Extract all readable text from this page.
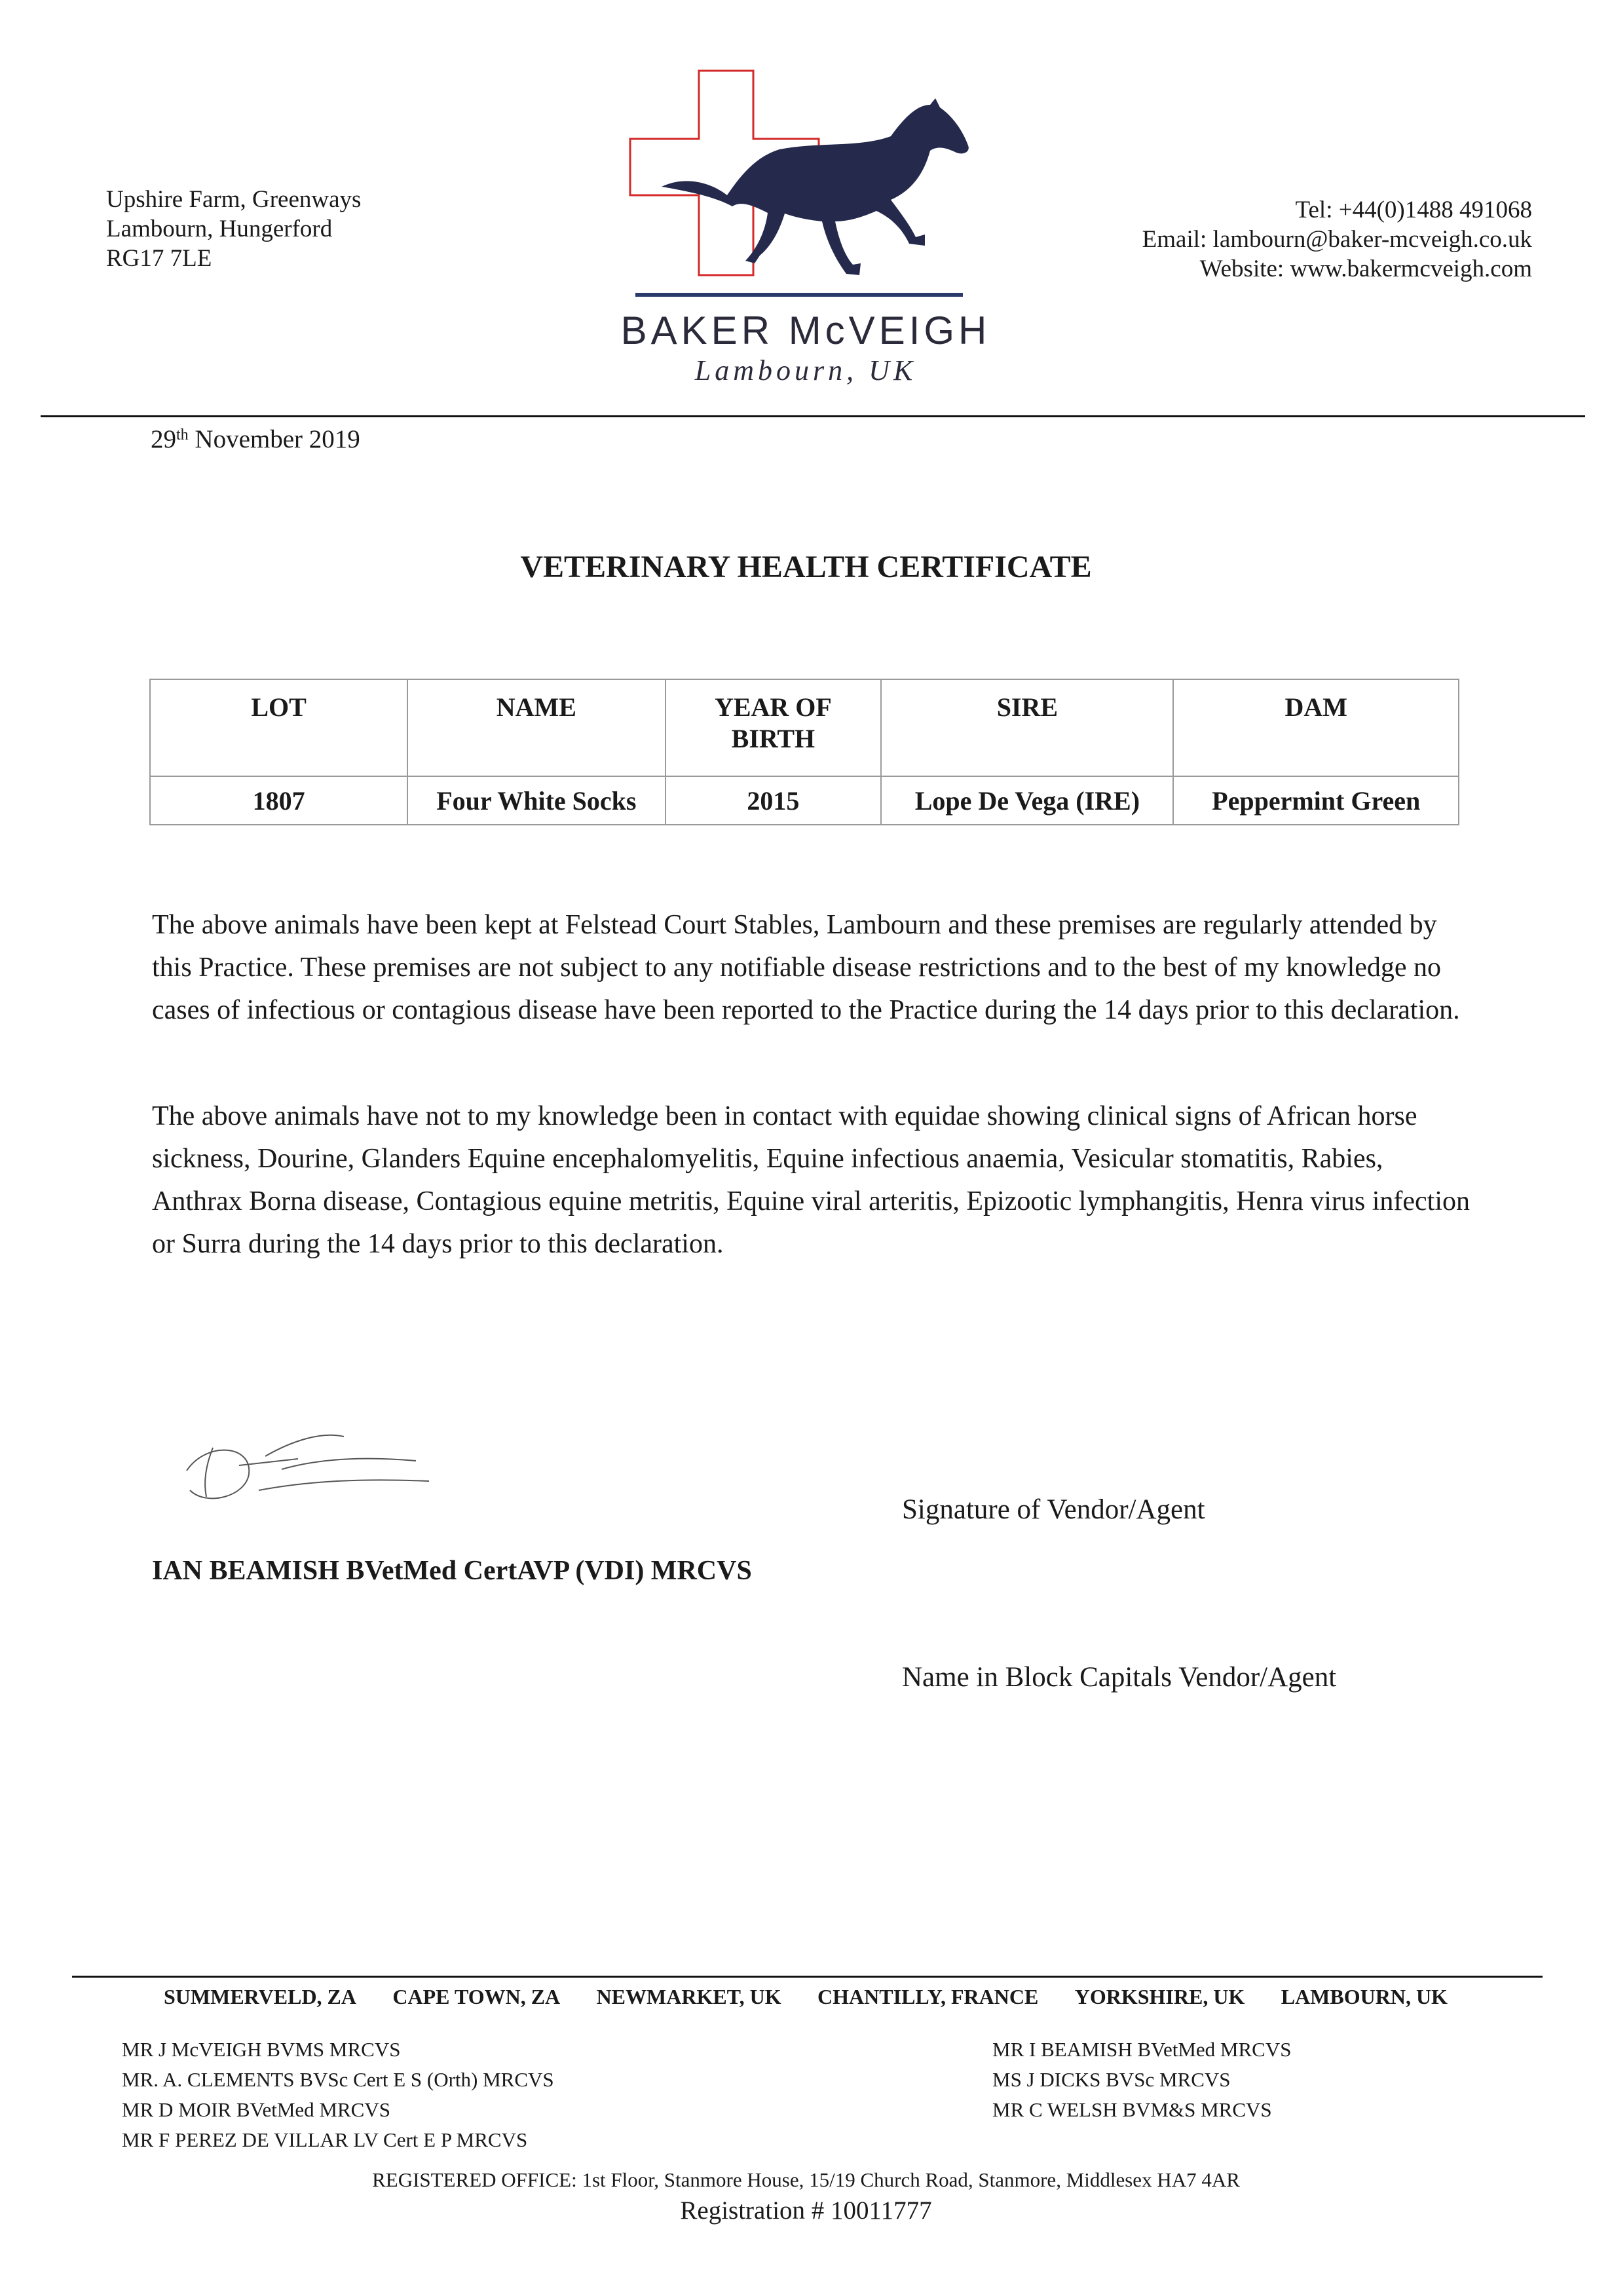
Upshire Farm, Greenways
Lambourn, Hungerford
RG17 7LE
BAKER McVEIGH
Lambourn, UK
Tel: +44(0)1488 491068
Email: lambourn@baker-mcveigh.co.uk
Website: www.bakermcveigh.com
29th November 2019
VETERINARY HEALTH CERTIFICATE
LOT	NAME	YEAR OF BIRTH	SIRE	DAM
1807	Four White Socks	2015	Lope De Vega (IRE)	Peppermint Green
The above animals have been kept at Felstead Court Stables, Lambourn and these premises are regularly attended by this Practice. These premises are not subject to any notifiable disease restrictions and to the best of my knowledge no cases of infectious or contagious disease have been reported to the Practice during the 14 days prior to this declaration.
The above animals have not to my knowledge been in contact with equidae showing clinical signs of African horse sickness, Dourine, Glanders Equine encephalomyelitis, Equine infectious anaemia, Vesicular stomatitis, Rabies, Anthrax Borna disease, Contagious equine metritis, Equine viral arteritis, Epizootic lymphangitis, Henra virus infection or Surra during the 14 days prior to this declaration.
Signature of Vendor/Agent
IAN BEAMISH BVetMed CertAVP (VDI) MRCVS
Name in Block Capitals Vendor/Agent
SUMMERVELD, ZA CAPE TOWN, ZA NEWMARKET, UK CHANTILLY, FRANCE YORKSHIRE, UK LAMBOURN, UK
MR J McVEIGH BVMS MRCVS
MR. A. CLEMENTS BVSc Cert E S (Orth) MRCVS
MR D MOIR BVetMed MRCVS
MR F PEREZ DE VILLAR LV Cert E P MRCVS
MR I BEAMISH BVetMed MRCVS
MS J DICKS BVSc MRCVS
MR C WELSH BVM&S MRCVS
REGISTERED OFFICE: 1st Floor, Stanmore House, 15/19 Church Road, Stanmore, Middlesex HA7 4AR
Registration # 10011777
